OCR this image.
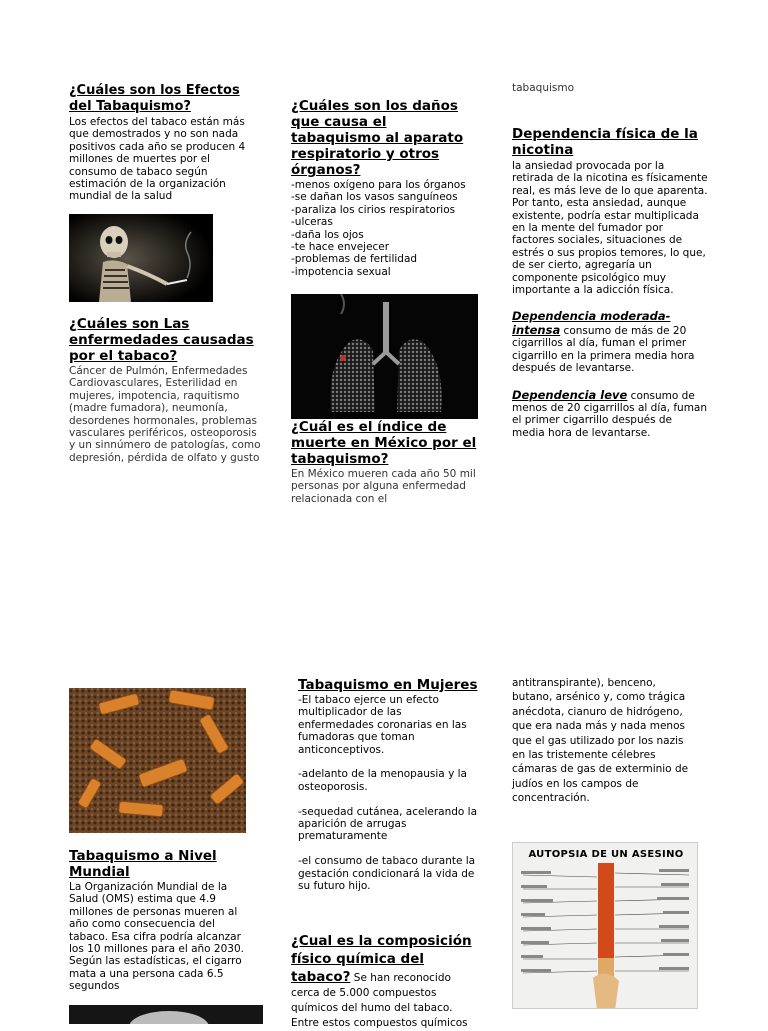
tabaquismo

¿Cuáles son los Efectos del Tabaquismo?

Los efectos del tabaco están más que demostrados y no son nada positivos cada año se producen 4 millones de muertes por el consumo de tabaco según estimación de la organización mundial de la salud

¿Cuáles son Las enfermedades causadas por el tabaco?

Cáncer de Pulmón, Enfermedades Cardiovasculares, Esterilidad en mujeres, impotencia, raquitismo (madre fumadora), neumonía, desordenes hormonales, problemas vasculares periféricos, osteoporosis y un sinnúmero de patologías, como depresión, pérdida de olfato y gusto

¿Cuáles son los daños que causa el tabaquismo al aparato respiratorio y otros órganos?

-menos oxígeno para los órganos
-se dañan los vasos sanguíneos
-paraliza los cirios respiratorios
-ulceras
-daña los ojos
-te hace envejecer
-problemas de fertilidad
-impotencia sexual

¿Cuál es el índice de muerte en México por el tabaquismo?

En México mueren cada año 50 mil personas por alguna enfermedad relacionada con el

Dependencia física de la nicotina

la ansiedad provocada por la retirada de la nicotina es físicamente real, es más leve de lo que aparenta. Por tanto, esta ansiedad, aunque existente, podría estar multiplicada en la mente del fumador por factores sociales, situaciones de estrés o sus propios temores, lo que, de ser cierto, agregaría un componente psicológico muy importante a la adicción física.

Dependencia moderada-intensa consumo de más de 20 cigarrillos al día, fuman el primer cigarrillo en la primera media hora después de levantarse.

Dependencia leve consumo de menos de 20 cigarrillos al día, fuman el primer cigarrillo después de media hora de levantarse.

Tabaquismo a Nivel Mundial

La Organización Mundial de la Salud (OMS) estima que 4.9 millones de personas mueren al año como consecuencia del tabaco. Esa cifra podría alcanzar los 10 millones para el año 2030. Según las estadísticas, el cigarro mata a una persona cada 6.5 segundos

Tabaquismo en Mujeres

-El tabaco ejerce un efecto multiplicador de las enfermedades coronarias en las fumadoras que toman anticonceptivos.

-adelanto de la menopausia y la osteoporosis.

-sequedad cutánea, acelerando la aparición de arrugas prematuramente

-el consumo de tabaco durante la gestación condicionará la vida de su futuro hijo.

¿Cual es la composición físico química del tabaco? Se han reconocido cerca de 5.000 compuestos químicos del humo del tabaco. Entre estos compuestos químicos

antitranspirante), benceno, butano, arsénico y, como trágica anécdota, cianuro de hidrógeno, que era nada más y nada menos que el gas utilizado por los nazis en las tristemente célebres cámaras de gas de exterminio de judíos en los campos de concentración.

AUTOPSIA DE UN ASESINO
